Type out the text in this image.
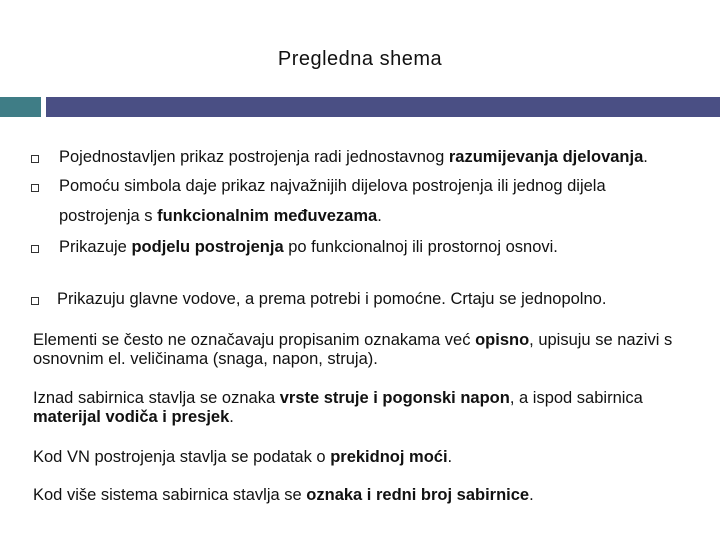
Pregledna shema
Pojednostavljen prikaz postrojenja radi jednostavnog razumijevanja djelovanja.
Pomoću simbola daje prikaz najvažnijih dijelova postrojenja ili jednog dijela
postrojenja s funkcionalnim međuvezama.
Prikazuje podjelu postrojenja po funkcionalnoj ili prostornoj osnovi.
Prikazuju glavne vodove, a prema potrebi i pomoćne. Crtaju se jednopolno.
Elementi se često ne označavaju propisanim oznakama već opisno, upisuju se nazivi s osnovnim el. veličinama (snaga, napon, struja).
Iznad sabirnica stavlja se oznaka vrste struje i pogonski napon, a ispod sabirnica materijal vodiča i presjek.
Kod VN postrojenja stavlja se podatak o prekidnoj moći.
Kod više sistema sabirnica stavlja se oznaka i redni broj sabirnice.
